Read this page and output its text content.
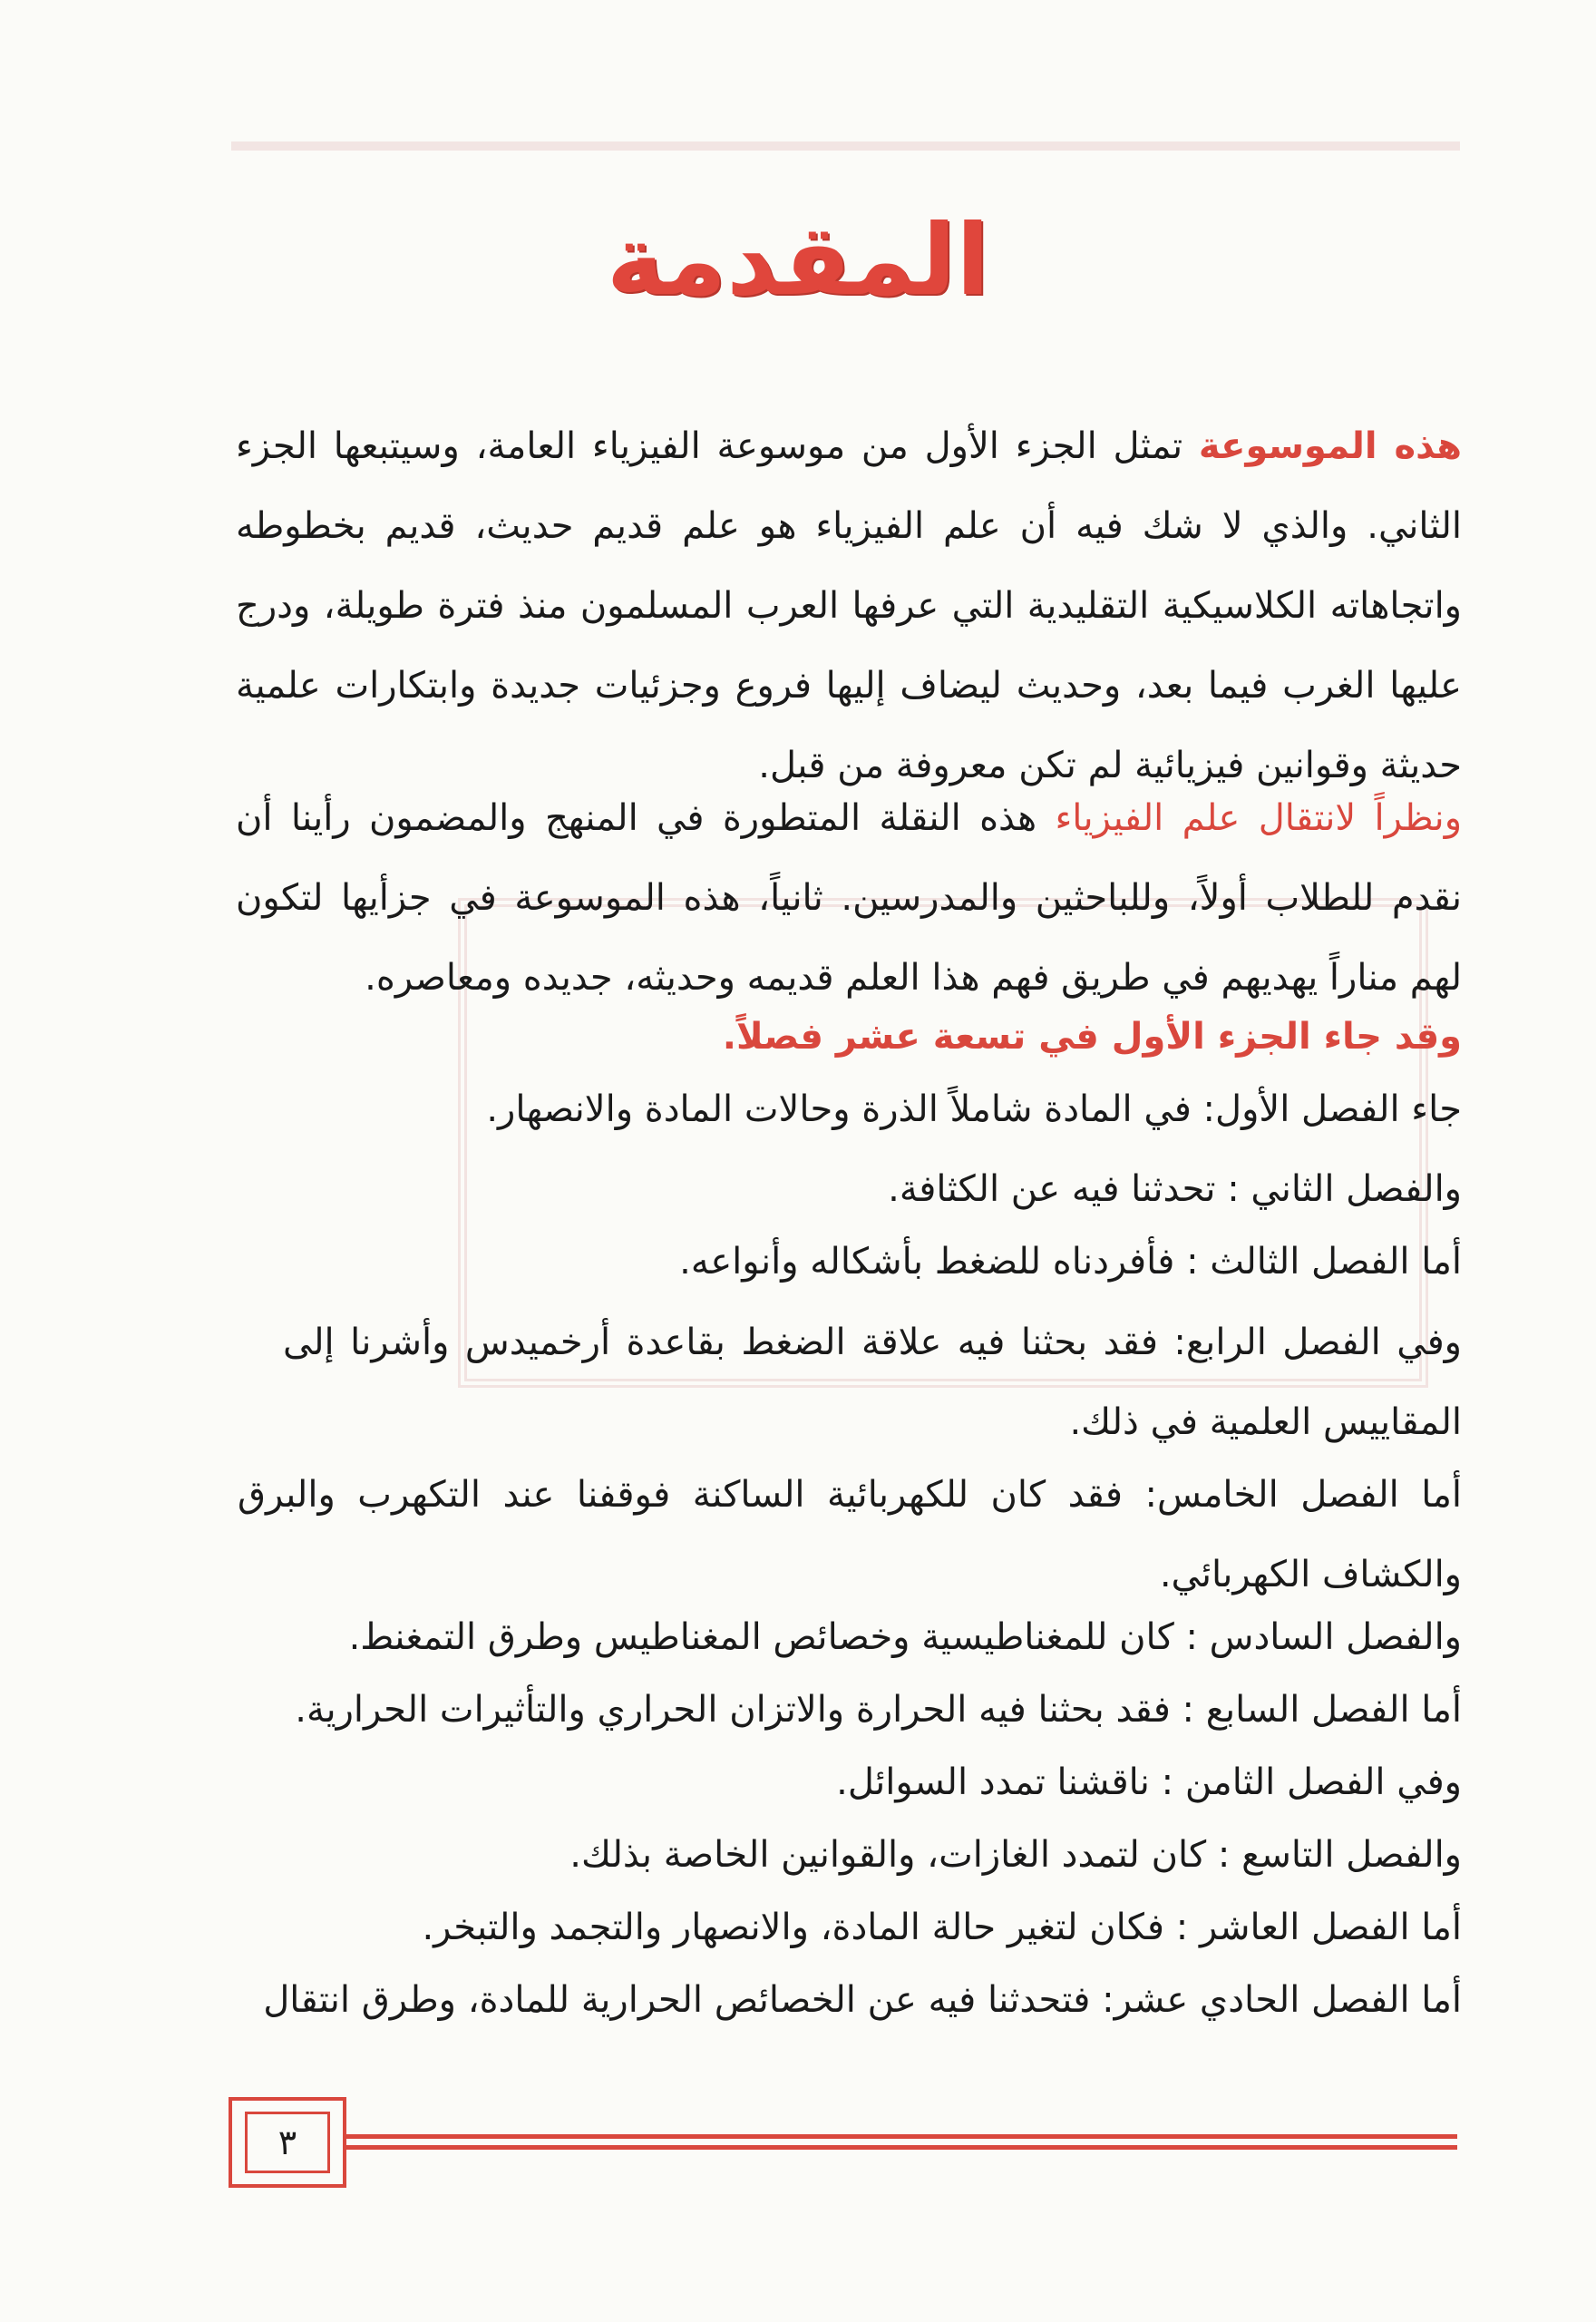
المقدمة

هذه الموسوعة تمثل الجزء الأول من موسوعة الفيزياء العامة، وسيتبعها الجزء الثاني. والذي لا شك فيه أن علم الفيزياء هو علم قديم حديث، قديم بخطوطه واتجاهاته الكلاسيكية التقليدية التي عرفها العرب المسلمون منذ فترة طويلة، ودرج عليها الغرب فيما بعد، وحديث ليضاف إليها فروع وجزئيات جديدة وابتكارات علمية حديثة وقوانين فيزيائية لم تكن معروفة من قبل.

ونظراً لانتقال علم الفيزياء هذه النقلة المتطورة في المنهج والمضمون رأينا أن نقدم للطلاب أولاً، وللباحثين والمدرسين. ثانياً، هذه الموسوعة في جزأيها لتكون لهم مناراً يهديهم في طريق فهم هذا العلم قديمه وحديثه، جديده ومعاصره.

وقد جاء الجزء الأول في تسعة عشر فصلاً.
جاء الفصل الأول: في المادة شاملاً الذرة وحالات المادة والانصهار.
والفصل الثاني : تحدثنا فيه عن الكثافة.
أما الفصل الثالث : فأفردناه للضغط بأشكاله وأنواعه.
وفي الفصل الرابع: فقد بحثنا فيه علاقة الضغط بقاعدة أرخميدس وأشرنا إلى المقاييس العلمية في ذلك.
أما الفصل الخامس: فقد كان للكهربائية الساكنة فوقفنا عند التكهرب والبرق والكشاف الكهربائي.
والفصل السادس : كان للمغناطيسية وخصائص المغناطيس وطرق التمغنط.
أما الفصل السابع : فقد بحثنا فيه الحرارة والاتزان الحراري والتأثيرات الحرارية.
وفي الفصل الثامن : ناقشنا تمدد السوائل.
والفصل التاسع : كان لتمدد الغازات، والقوانين الخاصة بذلك.
أما الفصل العاشر : فكان لتغير حالة المادة، والانصهار والتجمد والتبخر.
أما الفصل الحادي عشر: فتحدثنا فيه عن الخصائص الحرارية للمادة، وطرق انتقال
٣
